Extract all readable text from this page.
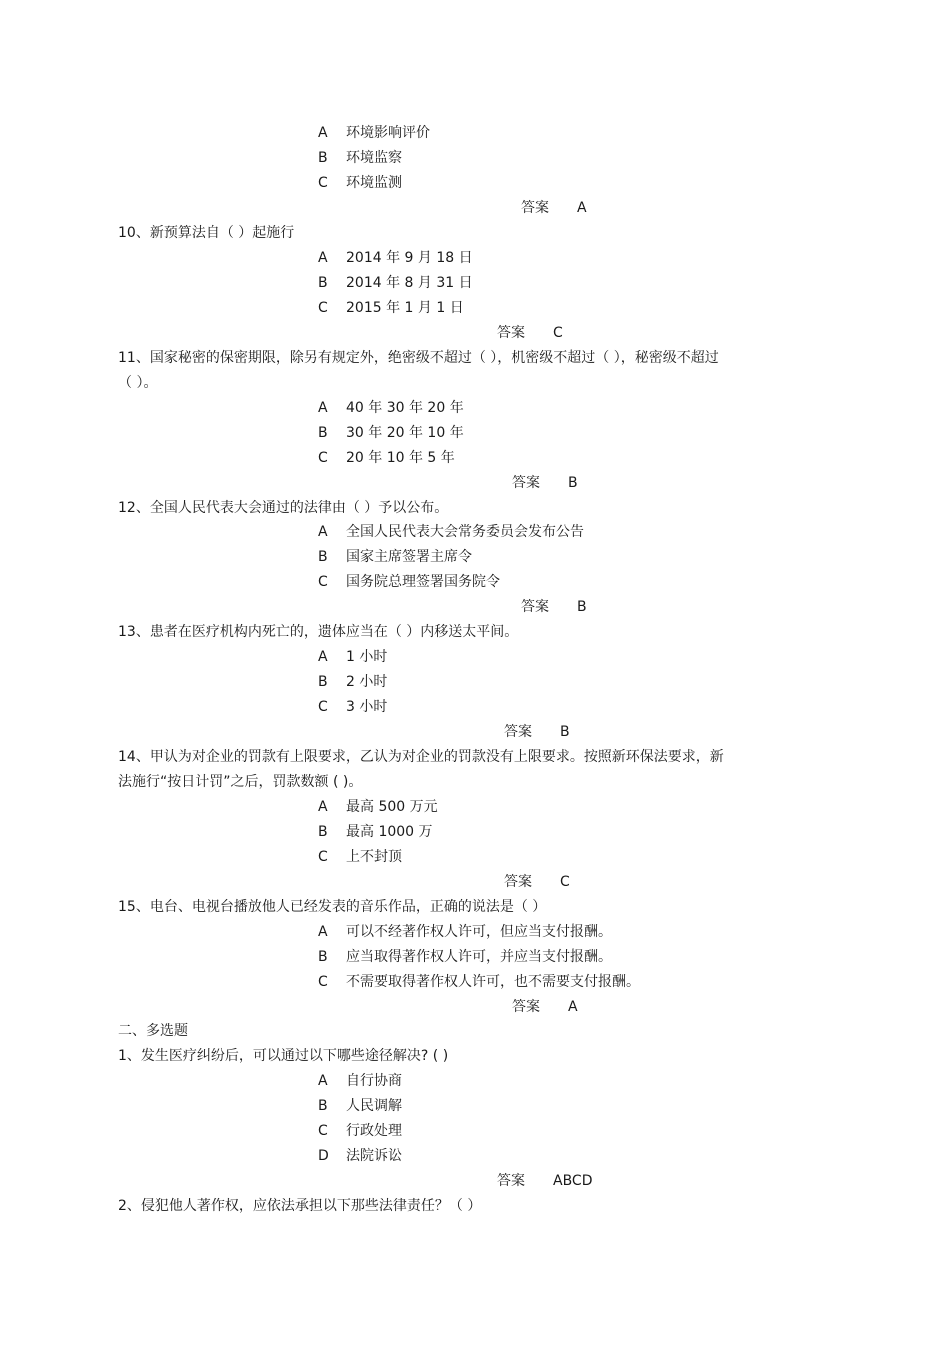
A 环境影响评价
B 环境监察
C 环境监测
答案 A
10、新预算法自（ ）起施行
A 2014 年 9 月 18 日
B 2014 年 8 月 31 日
C 2015 年 1 月 1 日
答案 C
11、国家秘密的保密期限，除另有规定外，绝密级不超过（ ），机密级不超过（ ），秘密级不超过
（ ）。
A 40 年 30 年 20 年
B 30 年 20 年 10 年
C 20 年 10 年 5 年
答案 B
12、全国人民代表大会通过的法律由（ ）予以公布。
A 全国人民代表大会常务委员会发布公告
B 国家主席签署主席令
C 国务院总理签署国务院令
答案 B
13、患者在医疗机构内死亡的，遗体应当在（ ）内移送太平间。
A 1 小时
B 2 小时
C 3 小时
答案 B
14、甲认为对企业的罚款有上限要求，乙认为对企业的罚款没有上限要求。按照新环保法要求，新
法施行“按日计罚”之后，罚款数额 ( )。
A 最高 500 万元
B 最高 1000 万
C 上不封顶
答案 C
15、电台、电视台播放他人已经发表的音乐作品，正确的说法是（ ）
A 可以不经著作权人许可，但应当支付报酬。
B 应当取得著作权人许可，并应当支付报酬。
C 不需要取得著作权人许可，也不需要支付报酬。
答案 A
二、多选题
1、发生医疗纠纷后，可以通过以下哪些途径解决? ( )
A 自行协商
B 人民调解
C 行政处理
D 法院诉讼
答案 ABCD
2、侵犯他人著作权，应依法承担以下那些法律责任？（ ）
